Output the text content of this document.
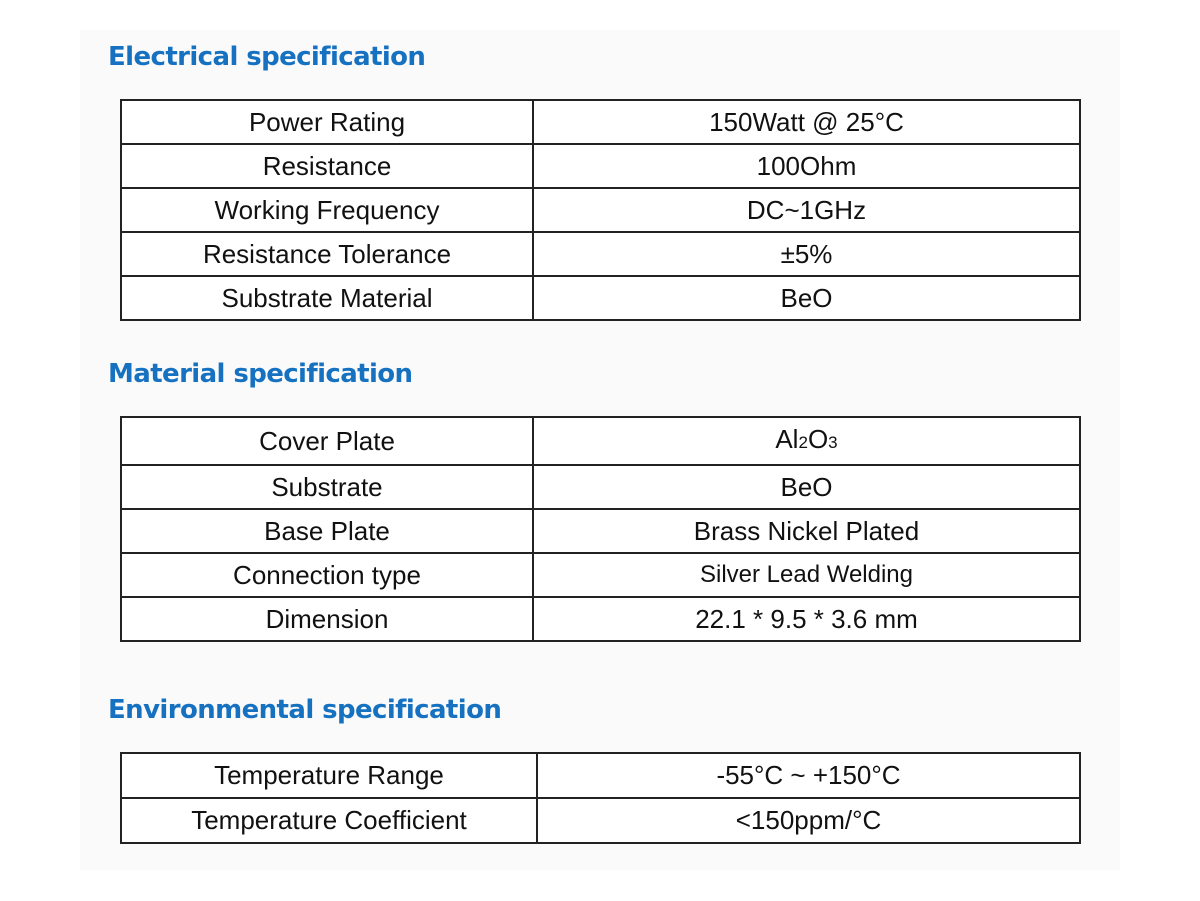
Electrical specification
Power Rating	150Watt @ 25°C
Resistance	100Ohm
Working Frequency	DC~1GHz
Resistance Tolerance	±5%
Substrate Material	BeO
Material specification
Cover Plate	Al2O3
Substrate	BeO
Base Plate	Brass Nickel Plated
Connection type	Silver Lead Welding
Dimension	22.1 * 9.5 * 3.6 mm
Environmental specification
Temperature Range	-55°C ~ +150°C
Temperature Coefficient	<150ppm/°C
